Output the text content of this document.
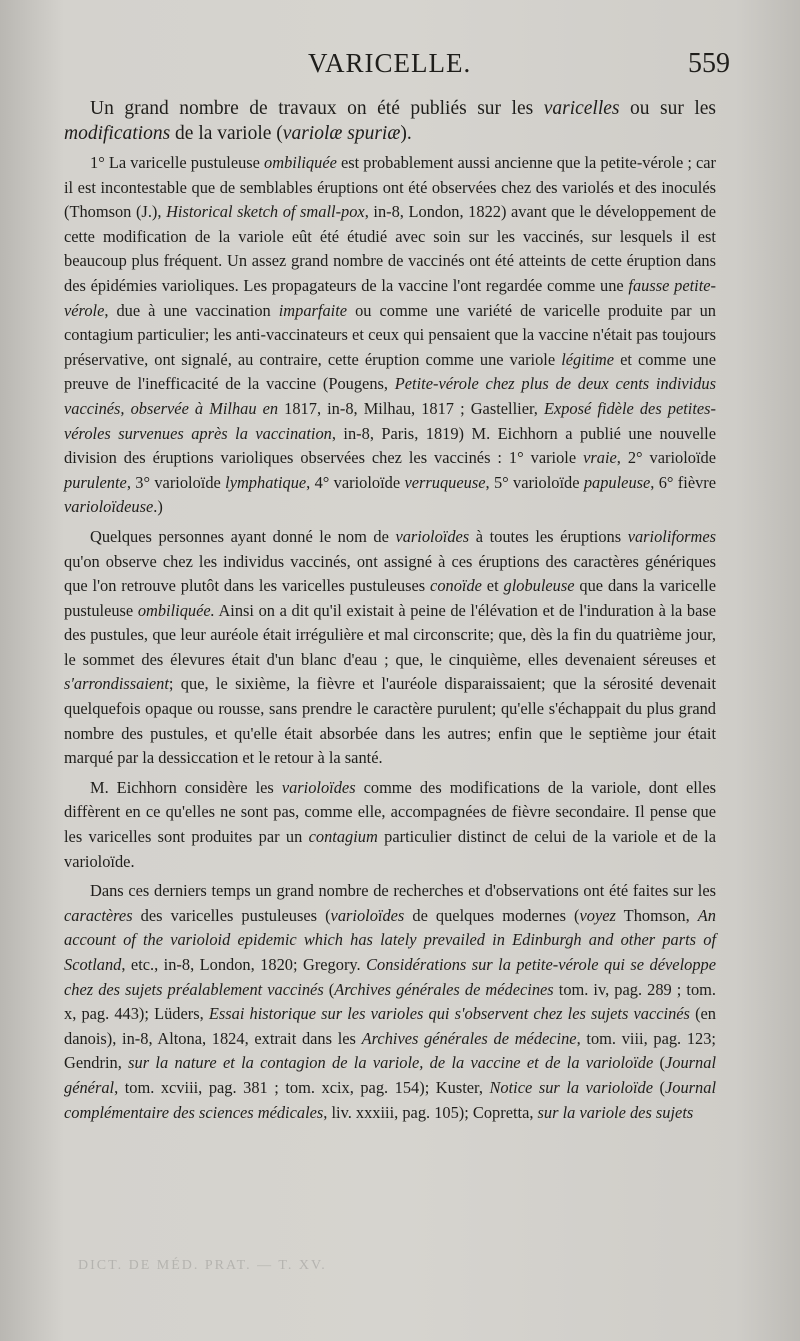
VARICELLE.	559

Un grand nombre de travaux on été publiés sur les varicelles ou sur les modifications de la variole (variolæ spuriæ).

1° La varicelle pustuleuse ombiliquée est probablement aussi ancienne que la petite-vérole ; car il est incontestable que de semblables éruptions ont été observées chez des variolés et des inoculés (Thomson (J.), Historical sketch of small-pox, in-8, London, 1822) avant que le développement de cette modification de la variole eût été étudié avec soin sur les vaccinés, sur lesquels il est beaucoup plus fréquent. Un assez grand nombre de vaccinés ont été atteints de cette éruption dans des épidémies varioliques. Les propagateurs de la vaccine l'ont regardée comme une fausse petite-vérole, due à une vaccination imparfaite ou comme une variété de varicelle produite par un contagium particulier; les anti-vaccinateurs et ceux qui pensaient que la vaccine n'était pas toujours préservative, ont signalé, au contraire, cette éruption comme une variole légitime et comme une preuve de l'inefficacité de la vaccine (Pougens, Petite-vérole chez plus de deux cents individus vaccinés, observée à Milhau en 1817, in-8, Milhau, 1817 ; Gastellier, Exposé fidèle des petites-véroles survenues après la vaccination, in-8, Paris, 1819) M. Eichhorn a publié une nouvelle division des éruptions varioliques observées chez les vaccinés : 1° variole vraie, 2° varioloïde purulente, 3° varioloïde lymphatique, 4° varioloïde verruqueuse, 5° varioloïde papuleuse, 6° fièvre varioloïdeuse.)

Quelques personnes ayant donné le nom de varioloïdes à toutes les éruptions varioliformes qu'on observe chez les individus vaccinés, ont assigné à ces éruptions des caractères génériques que l'on retrouve plutôt dans les varicelles pustuleuses conoïde et globuleuse que dans la varicelle pustuleuse ombiliquée. Ainsi on a dit qu'il existait à peine de l'élévation et de l'induration à la base des pustules, que leur auréole était irrégulière et mal circonscrite; que, dès la fin du quatrième jour, le sommet des élevures était d'un blanc d'eau ; que, le cinquième, elles devenaient séreuses et s'arrondissaient; que, le sixième, la fièvre et l'auréole disparaissaient; que la sérosité devenait quelquefois opaque ou rousse, sans prendre le caractère purulent; qu'elle s'échappait du plus grand nombre des pustules, et qu'elle était absorbée dans les autres; enfin que le septième jour était marqué par la dessiccation et le retour à la santé.

M. Eichhorn considère les varioloïdes comme des modifications de la variole, dont elles diffèrent en ce qu'elles ne sont pas, comme elle, accompagnées de fièvre secondaire. Il pense que les varicelles sont produites par un contagium particulier distinct de celui de la variole et de la varioloïde.

Dans ces derniers temps un grand nombre de recherches et d'observations ont été faites sur les caractères des varicelles pustuleuses (varioloïdes de quelques modernes (voyez Thomson, An account of the varioloid epidemic which has lately prevailed in Edinburgh and other parts of Scotland, etc., in-8, London, 1820; Gregory. Considérations sur la petite-vérole qui se développe chez des sujets préalablement vaccinés (Archives générales de médecines tom. iv, pag. 289 ; tom. x, pag. 443); Lüders, Essai historique sur les varioles qui s'observent chez les sujets vaccinés (en danois), in-8, Altona, 1824, extrait dans les Archives générales de médecine, tom. viii, pag. 123; Gendrin, sur la nature et la contagion de la variole, de la vaccine et de la varioloïde (Journal général, tom. xcviii, pag. 381 ; tom. xcix, pag. 154); Kuster, Notice sur la varioloïde (Journal complémentaire des sciences médicales, liv. xxxiii, pag. 105); Copretta, sur la variole des sujets

DICT. DE MÉD. PRAT. — T. XV.
